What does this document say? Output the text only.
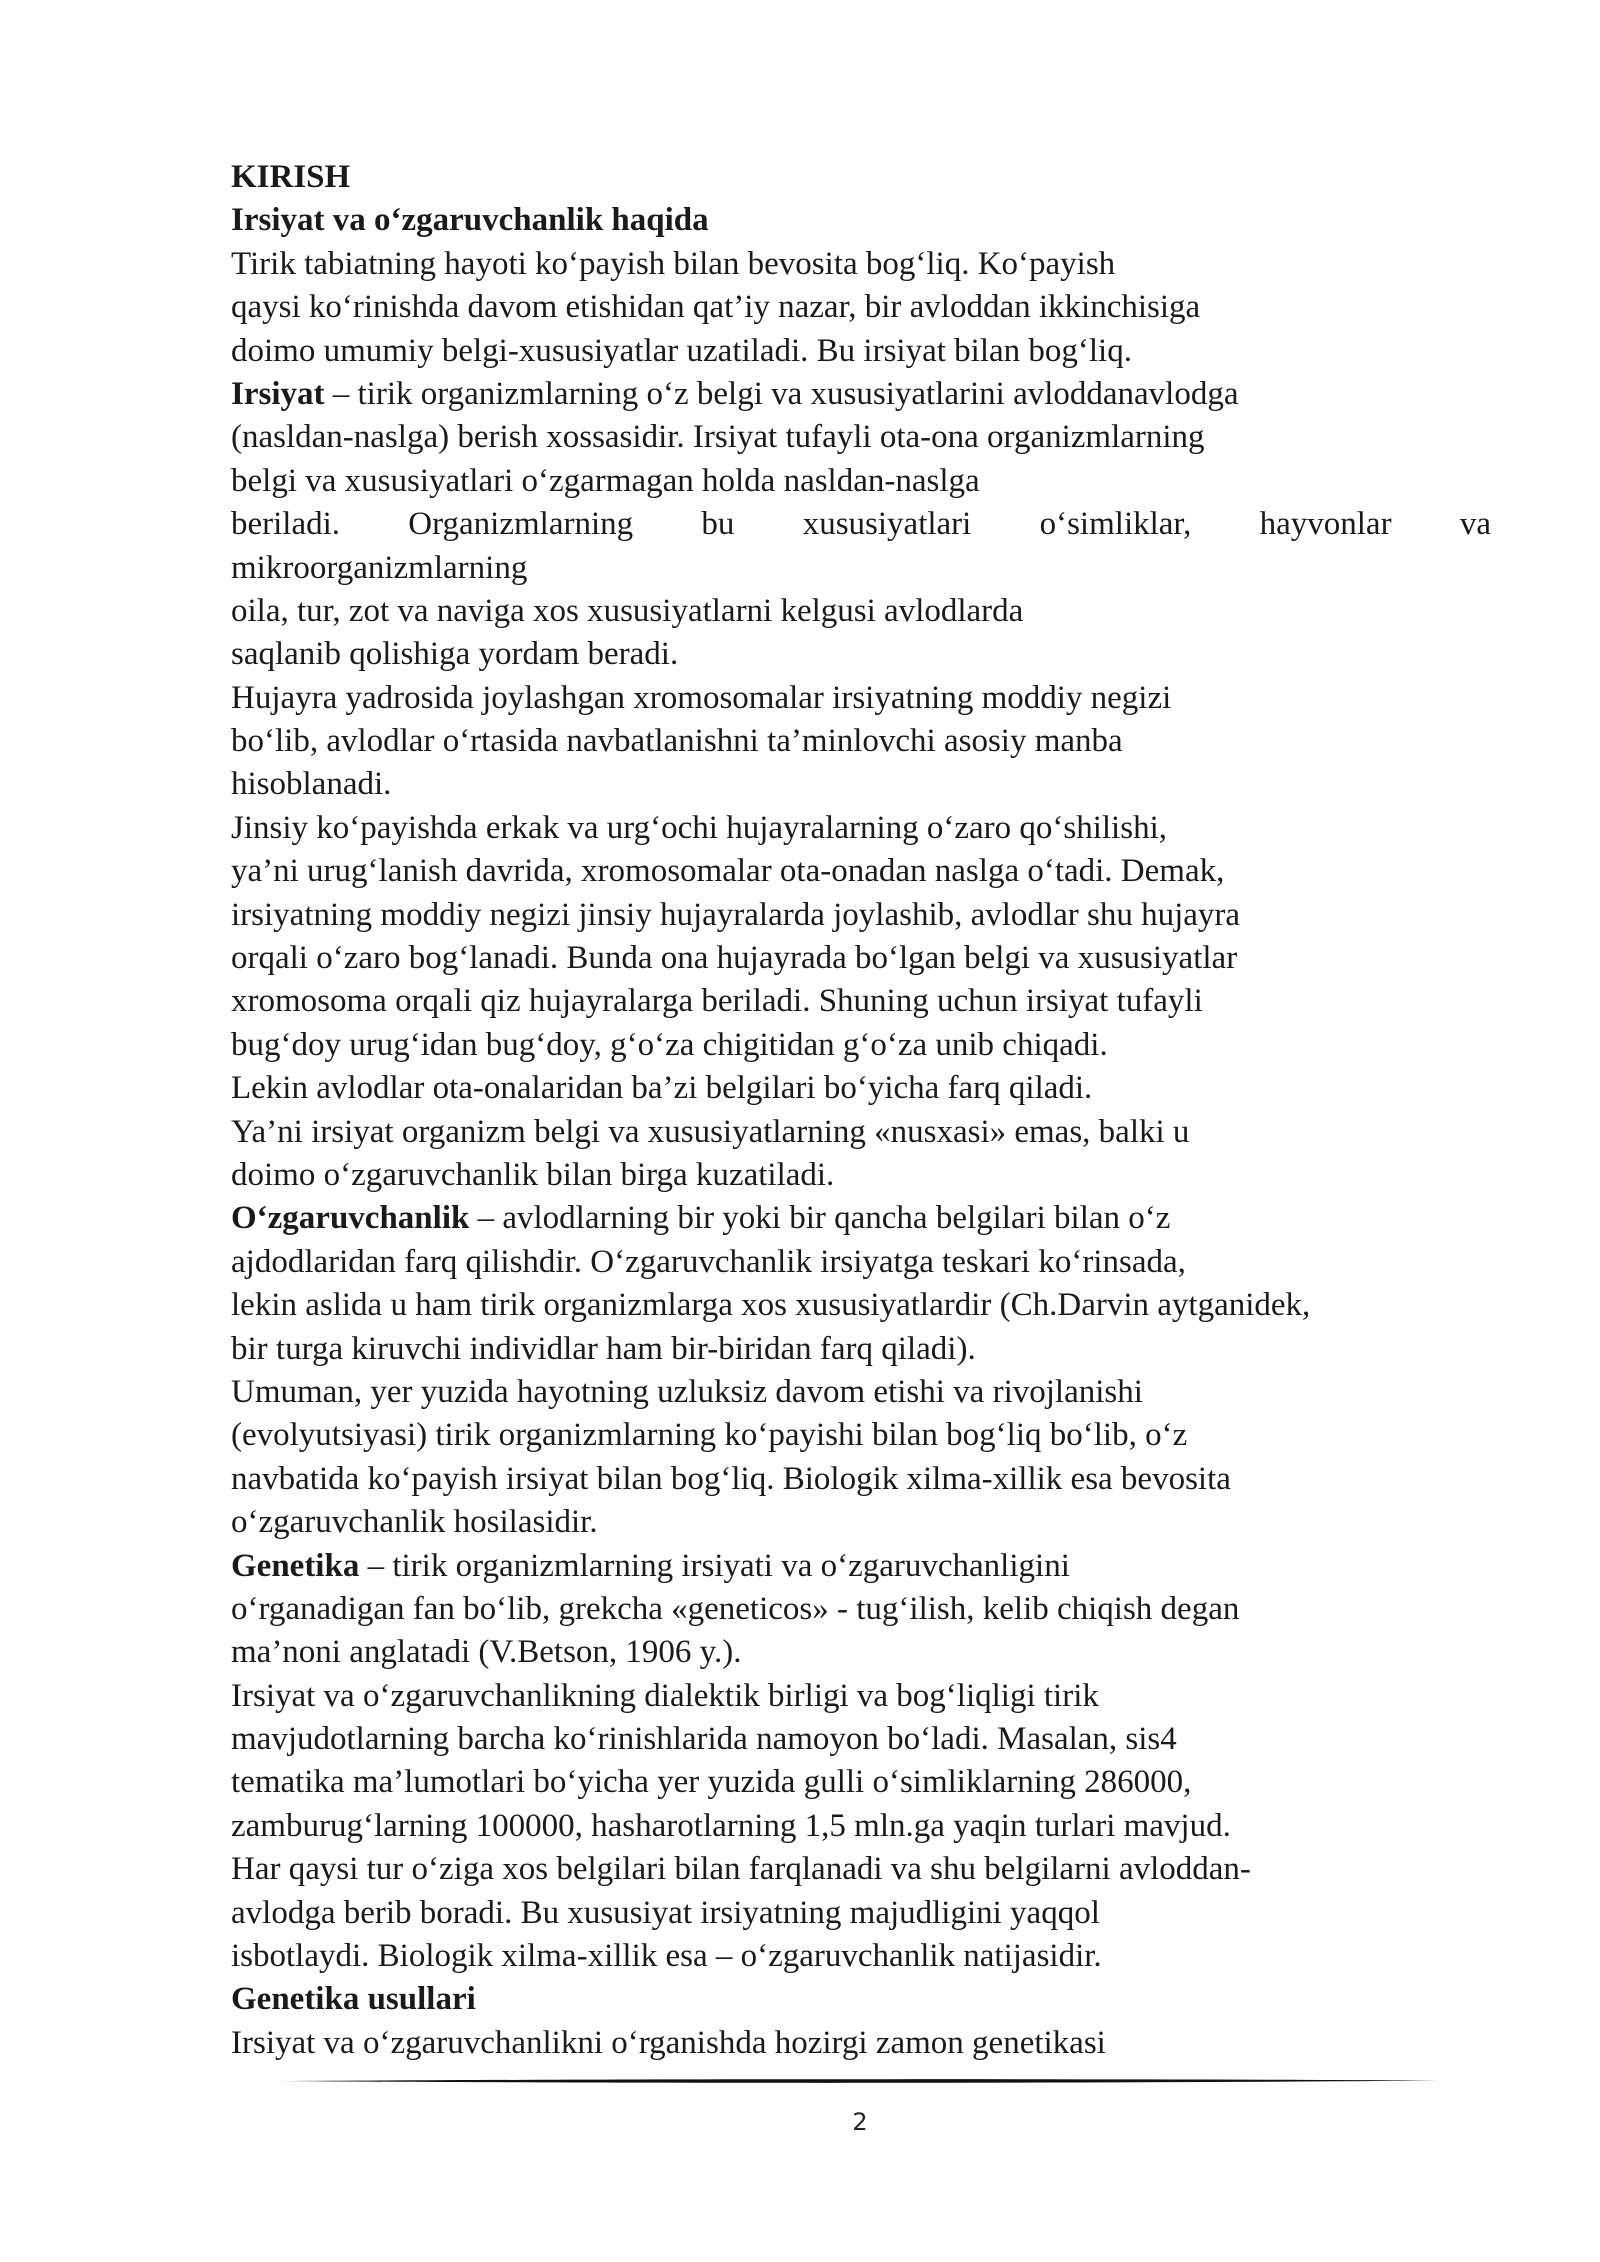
KIRISH
Irsiyat va o‘zgaruvchanlik haqida
Tirik tabiatning hayoti ko‘payish bilan bevosita bog‘liq. Ko‘payish
qaysi ko‘rinishda davom etishidan qat’iy nazar, bir avloddan ikkinchisiga
doimo umumiy belgi-xususiyatlar uzatiladi. Bu irsiyat bilan bog‘liq.
Irsiyat – tirik organizmlarning o‘z belgi va xususiyatlarini avloddanavlodga
(nasldan-naslga) berish xossasidir. Irsiyat tufayli ota-ona organizmlarning
belgi va xususiyatlari o‘zgarmagan holda nasldan-naslga
beriladi. Organizmlarning bu xususiyatlari o‘simliklar, hayvonlar va
mikroorganizmlarning
oila, tur, zot va naviga xos xususiyatlarni kelgusi avlodlarda
saqlanib qolishiga yordam beradi.
Hujayra yadrosida joylashgan xromosomalar irsiyatning moddiy negizi
bo‘lib, avlodlar o‘rtasida navbatlanishni ta’minlovchi asosiy manba
hisoblanadi.
Jinsiy ko‘payishda erkak va urg‘ochi hujayralarning o‘zaro qo‘shilishi,
ya’ni urug‘lanish davrida, xromosomalar ota-onadan naslga o‘tadi. Demak,
irsiyatning moddiy negizi jinsiy hujayralarda joylashib, avlodlar shu hujayra
orqali o‘zaro bog‘lanadi. Bunda ona hujayrada bo‘lgan belgi va xususiyatlar
xromosoma orqali qiz hujayralarga beriladi. Shuning uchun irsiyat tufayli
bug‘doy urug‘idan bug‘doy, g‘o‘za chigitidan g‘o‘za unib chiqadi.
Lekin avlodlar ota-onalaridan ba’zi belgilari bo‘yicha farq qiladi.
Ya’ni irsiyat organizm belgi va xususiyatlarning «nusxasi» emas, balki u
doimo o‘zgaruvchanlik bilan birga kuzatiladi.
O‘zgaruvchanlik – avlodlarning bir yoki bir qancha belgilari bilan o‘z
ajdodlaridan farq qilishdir. O‘zgaruvchanlik irsiyatga teskari ko‘rinsada,
lekin aslida u ham tirik organizmlarga xos xususiyatlardir (Ch.Darvin aytganidek,
bir turga kiruvchi individlar ham bir-biridan farq qiladi).
Umuman, yer yuzida hayotning uzluksiz davom etishi va rivojlanishi
(evolyutsiyasi) tirik organizmlarning ko‘payishi bilan bog‘liq bo‘lib, o‘z
navbatida ko‘payish irsiyat bilan bog‘liq. Biologik xilma-xillik esa bevosita
o‘zgaruvchanlik hosilasidir.
Genetika – tirik organizmlarning irsiyati va o‘zgaruvchanligini
o‘rganadigan fan bo‘lib, grekcha «geneticos» - tug‘ilish, kelib chiqish degan
ma’noni anglatadi (V.Betson, 1906 y.).
Irsiyat va o‘zgaruvchanlikning dialektik birligi va bog‘liqligi tirik
mavjudotlarning barcha ko‘rinishlarida namoyon bo‘ladi. Masalan, sis4
tematika ma’lumotlari bo‘yicha yer yuzida gulli o‘simliklarning 286000,
zamburug‘larning 100000, hasharotlarning 1,5 mln.ga yaqin turlari mavjud.
Har qaysi tur o‘ziga xos belgilari bilan farqlanadi va shu belgilarni avloddan-
avlodga berib boradi. Bu xususiyat irsiyatning majudligini yaqqol
isbotlaydi. Biologik xilma-xillik esa – o‘zgaruvchanlik natijasidir.
Genetika usullari
Irsiyat va o‘zgaruvchanlikni o‘rganishda hozirgi zamon genetikasi
2
